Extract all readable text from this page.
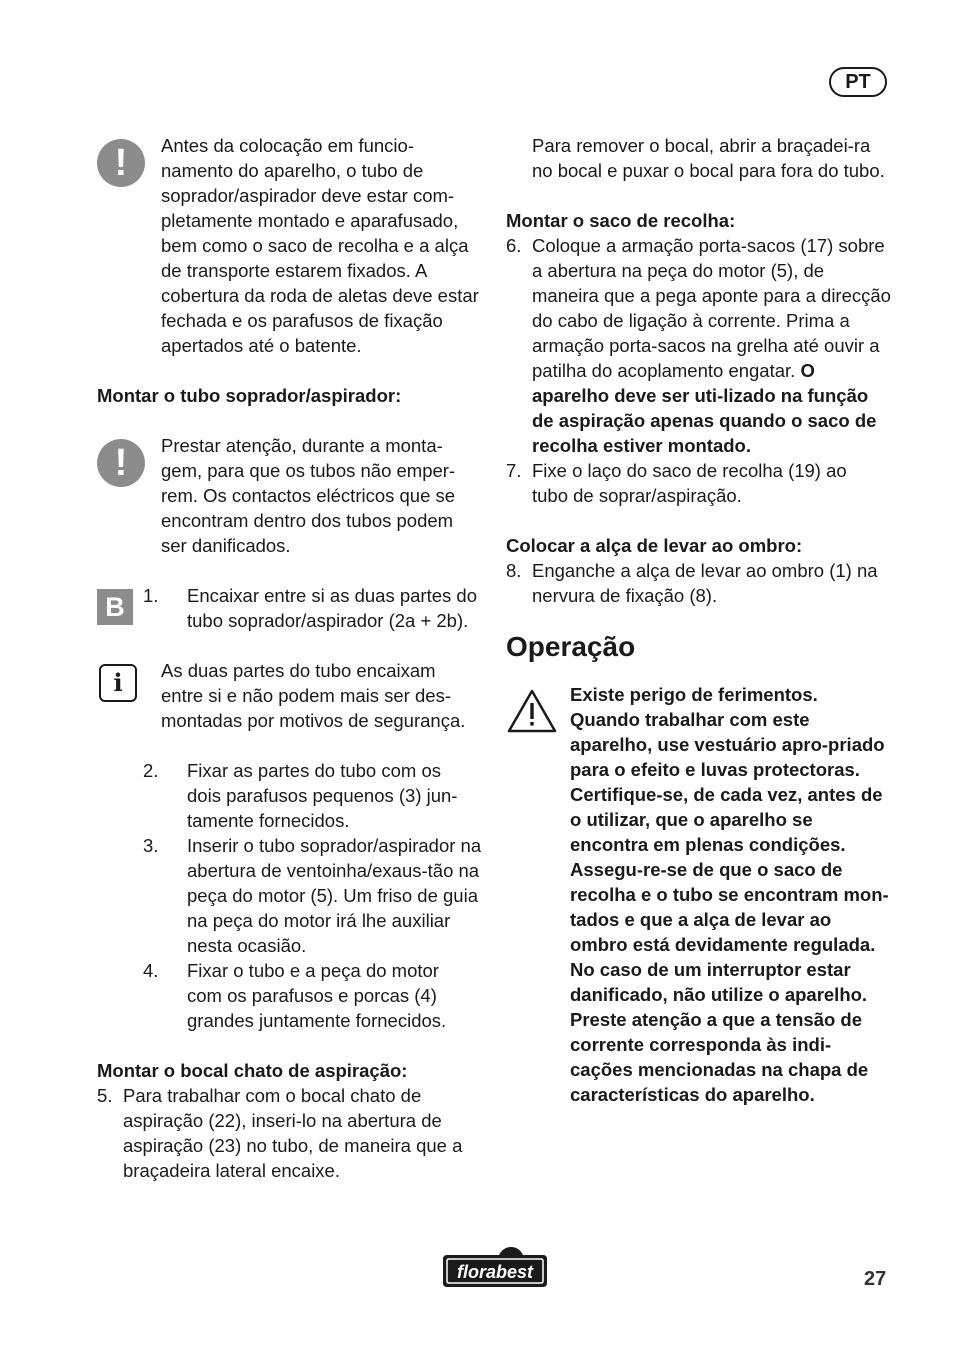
PT
!	Antes da colocação em funcio-namento do aparelho, o tubo de soprador/aspirador deve estar com-pletamente montado e aparafusado, bem como o saco de recolha e a alça de transporte estarem fixados. A cobertura da roda de aletas deve estar fechada e os parafusos de fixação apertados até o batente.

Montar o tubo soprador/aspirador:

!	Prestar atenção, durante a monta-gem, para que os tubos não emper-rem. Os contactos eléctricos que se encontram dentro dos tubos podem ser danificados.

B 1. Encaixar entre si as duas partes do tubo soprador/aspirador (2a + 2b).

i	As duas partes do tubo encaixam entre si e não podem mais ser des-montadas por motivos de segurança.

2. Fixar as partes do tubo com os dois parafusos pequenos (3) jun-tamente fornecidos.

3. Inserir o tubo soprador/aspirador na abertura de ventoinha/exaus-tão na peça do motor (5). Um friso de guia na peça do motor irá lhe auxiliar nesta ocasião.

4. Fixar o tubo e a peça do motor com os parafusos e porcas (4) grandes juntamente fornecidos.

Montar o bocal chato de aspiração:

5. Para trabalhar com o bocal chato de aspiração (22), inseri-lo na abertura de aspiração (23) no tubo, de maneira que a braçadeira lateral encaixe.

Para remover o bocal, abrir a braçadei-ra no bocal e puxar o bocal para fora do tubo.

Montar o saco de recolha:

6. Coloque a armação porta-sacos (17) sobre a abertura na peça do motor (5), de maneira que a pega aponte para a direcção do cabo de ligação à corrente. Prima a armação porta-sacos na grelha até ouvir a patilha do acoplamento engatar. O aparelho deve ser uti-lizado na função de aspiração apenas quando o saco de recolha estiver montado.

7. Fixe o laço do saco de recolha (19) ao tubo de soprar/aspiração.

Colocar a alça de levar ao ombro:

8. Enganche a alça de levar ao ombro (1) na nervura de fixação (8).

Operação

Existe perigo de ferimentos. Quando trabalhar com este aparelho, use vestuário apro-priado para o efeito e luvas protectoras. Certifique-se, de cada vez, antes de o utilizar, que o aparelho se encontra em plenas condições. Assegu-re-se de que o saco de recolha e o tubo se encontram mon-tados e que a alça de levar ao ombro está devidamente regulada. No caso de um interruptor estar danificado, não utilize o aparelho. Preste atenção a que a tensão de corrente corresponda às indi-cações mencionadas na chapa de características do aparelho.

florabest	27
